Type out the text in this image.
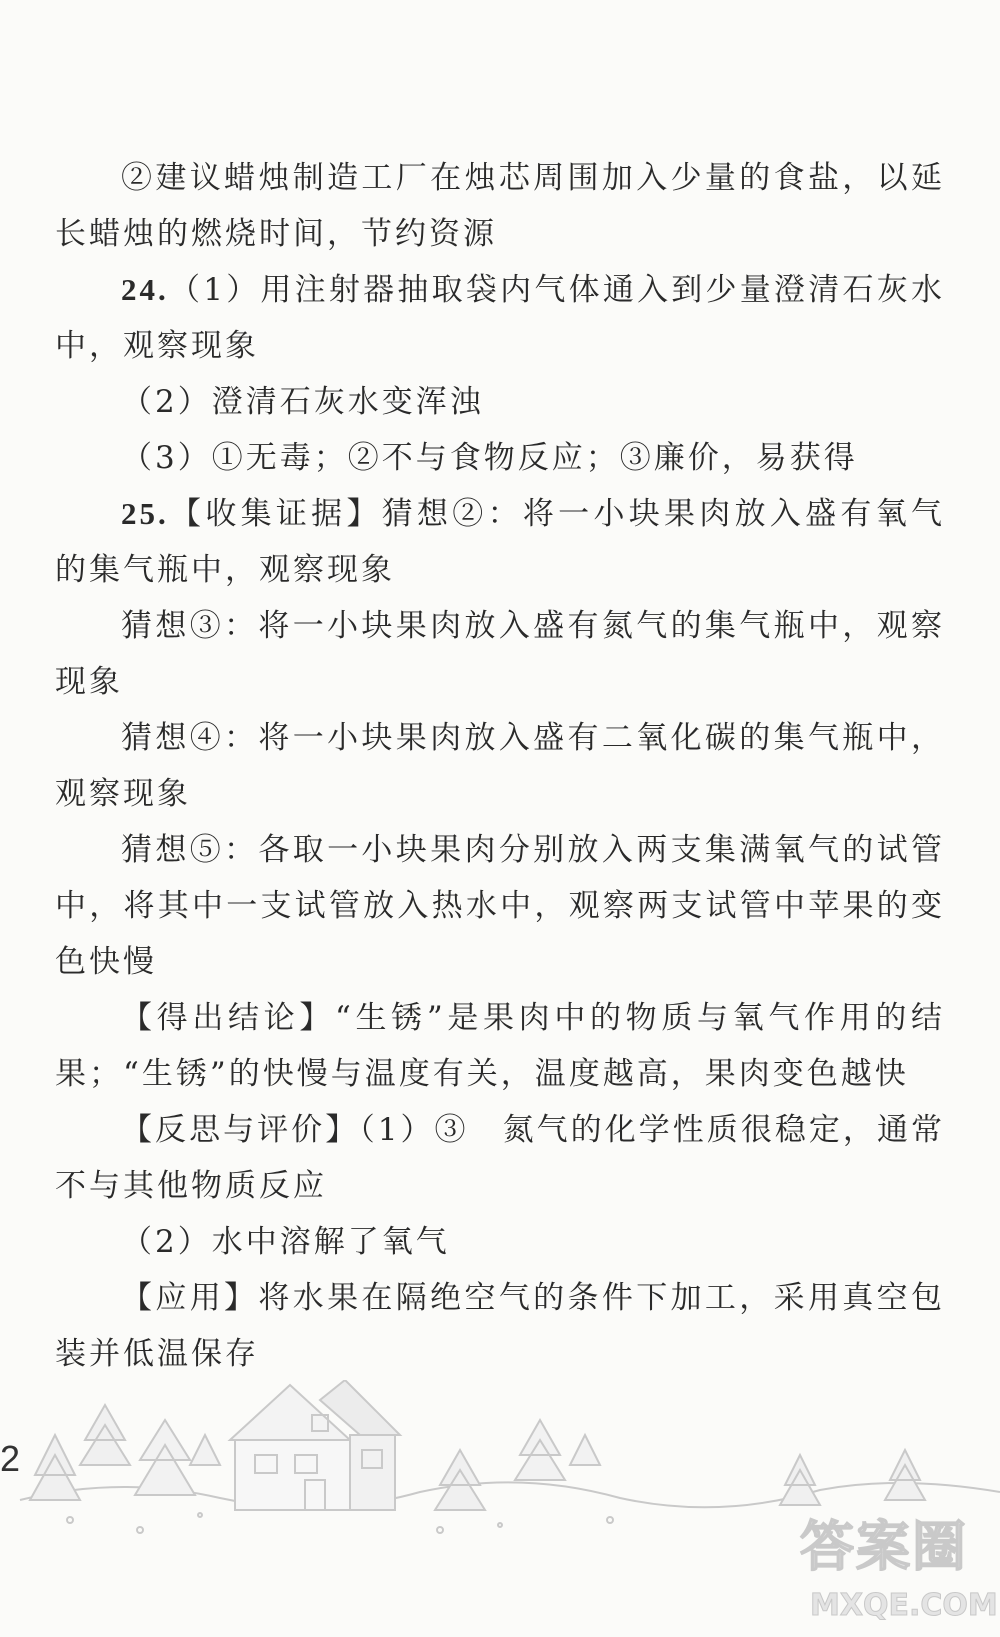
②建议蜡烛制造工厂在烛芯周围加入少量的食盐，以延长蜡烛的燃烧时间，节约资源

24.（1）用注射器抽取袋内气体通入到少量澄清石灰水中，观察现象

（2）澄清石灰水变浑浊

（3）①无毒；②不与食物反应；③廉价，易获得

25.【收集证据】猜想②：将一小块果肉放入盛有氧气的集气瓶中，观察现象

猜想③：将一小块果肉放入盛有氮气的集气瓶中，观察现象

猜想④：将一小块果肉放入盛有二氧化碳的集气瓶中，观察现象

猜想⑤：各取一小块果肉分别放入两支集满氧气的试管中，将其中一支试管放入热水中，观察两支试管中苹果的变色快慢

【得出结论】“生锈”是果肉中的物质与氧气作用的结果；“生锈”的快慢与温度有关，温度越高，果肉变色越快

【反思与评价】（1）③　氮气的化学性质很稳定，通常不与其他物质反应

（2）水中溶解了氧气

【应用】将水果在隔绝空气的条件下加工，采用真空包装并低温保存

2
答案圈
MXQE.COM
